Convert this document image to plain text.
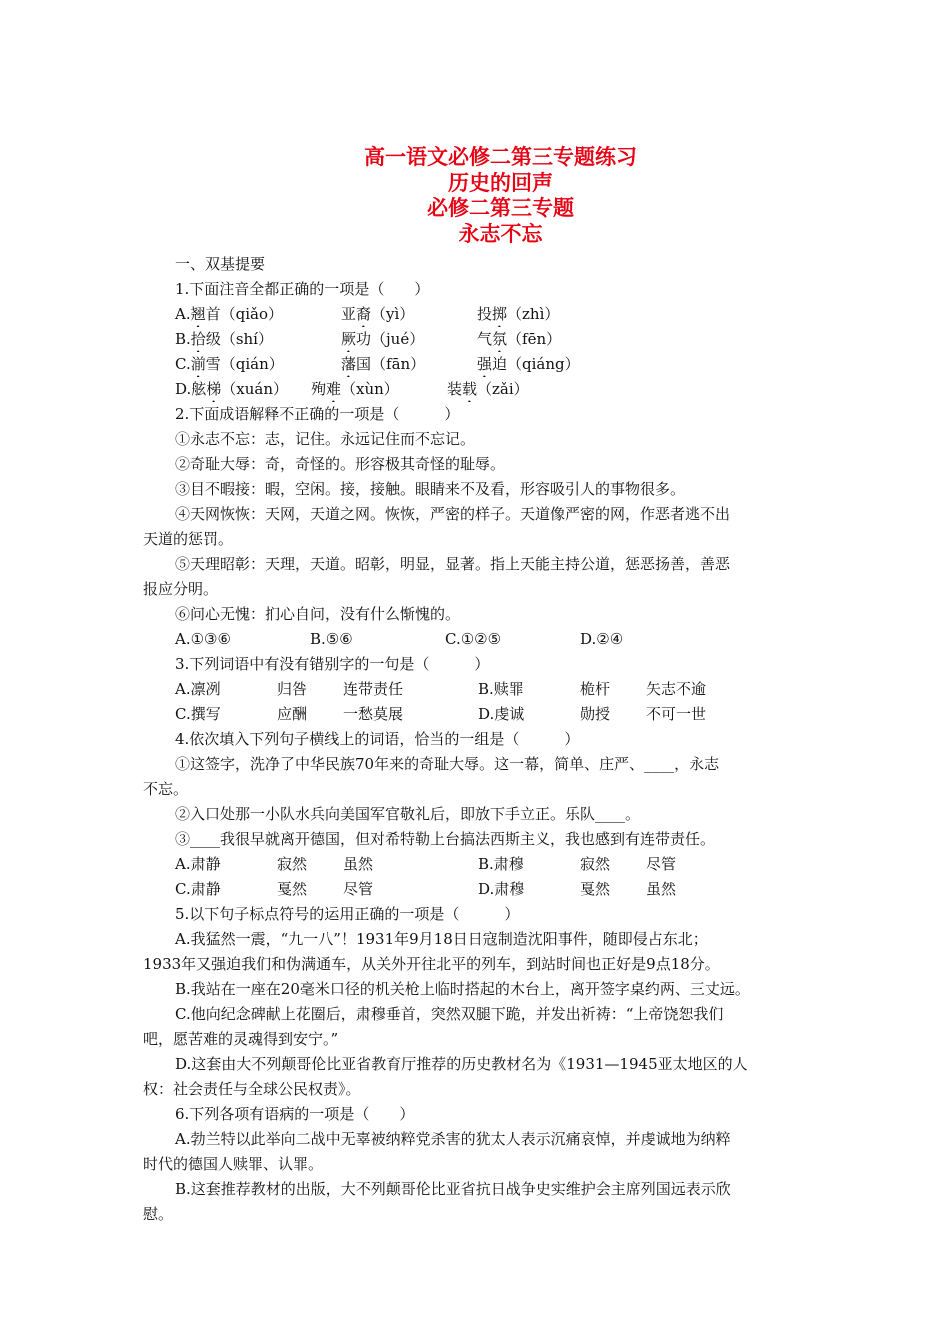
高一语文必修二第三专题练习
历史的回声
必修二第三专题
永志不忘
一、双基提要
1.下面注音全都正确的一项是（　　）
A.翘首（qiǎo）	亚裔（yì）	投掷（zhì）
B.拾级（shí）	厥功（jué）	气氛（fēn）
C.湔雪（qián）	藩国（fān）	强迫（qiáng）
D.舷梯（xuán）	殉难（xùn）	装载（zǎi）
2.下面成语解释不正确的一项是（　　　）
①永志不忘：志，记住。永远记住而不忘记。
②奇耻大辱：奇，奇怪的。形容极其奇怪的耻辱。
③目不暇接：暇，空闲。接，接触。眼睛来不及看，形容吸引人的事物很多。
④天网恢恢：天网，天道之网。恢恢，严密的样子。天道像严密的网，作恶者逃不出
天道的惩罚。
⑤天理昭彰：天理，天道。昭彰，明显，显著。指上天能主持公道，惩恶扬善，善恶
报应分明。
⑥问心无愧：扪心自问，没有什么惭愧的。
A.①③⑥	B.⑤⑥	C.①②⑤	D.②④
3.下列词语中有没有错别字的一句是（　　　）
A.凛冽	归咎	连带责任	B.赎罪	桅杆	矢志不逾
C.撰写	应酬	一愁莫展	D.虔诚	勋授	不可一世
4.依次填入下列句子横线上的词语，恰当的一组是（　　　）
①这签字，洗净了中华民族70年来的奇耻大辱。这一幕，简单、庄严、____，永志
不忘。
②入口处那一小队水兵向美国军官敬礼后，即放下手立正。乐队____。
③____我很早就离开德国，但对希特勒上台搞法西斯主义，我也感到有连带责任。
A.肃静	寂然	虽然	B.肃穆	寂然	尽管
C.肃静	戛然	尽管	D.肃穆	戛然	虽然
5.以下句子标点符号的运用正确的一项是（　　　）
A.我猛然一震，“九一八”！1931年9月18日日寇制造沈阳事件，随即侵占东北；
1933年又强迫我们和伪满通车，从关外开往北平的列车，到站时间也正好是9点18分。
B.我站在一座在20毫米口径的机关枪上临时搭起的木台上，离开签字桌约两、三丈远。
C.他向纪念碑献上花圈后，肃穆垂首，突然双腿下跪，并发出祈祷：“上帝饶恕我们
吧，愿苦难的灵魂得到安宁。”
D.这套由大不列颠哥伦比亚省教育厅推荐的历史教材名为《1931—1945亚太地区的人
权：社会责任与全球公民权责》。
6.下列各项有语病的一项是（　　）
A.勃兰特以此举向二战中无辜被纳粹党杀害的犹太人表示沉痛哀悼，并虔诚地为纳粹
时代的德国人赎罪、认罪。
B.这套推荐教材的出版，大不列颠哥伦比亚省抗日战争史实维护会主席列国远表示欣
慰。
